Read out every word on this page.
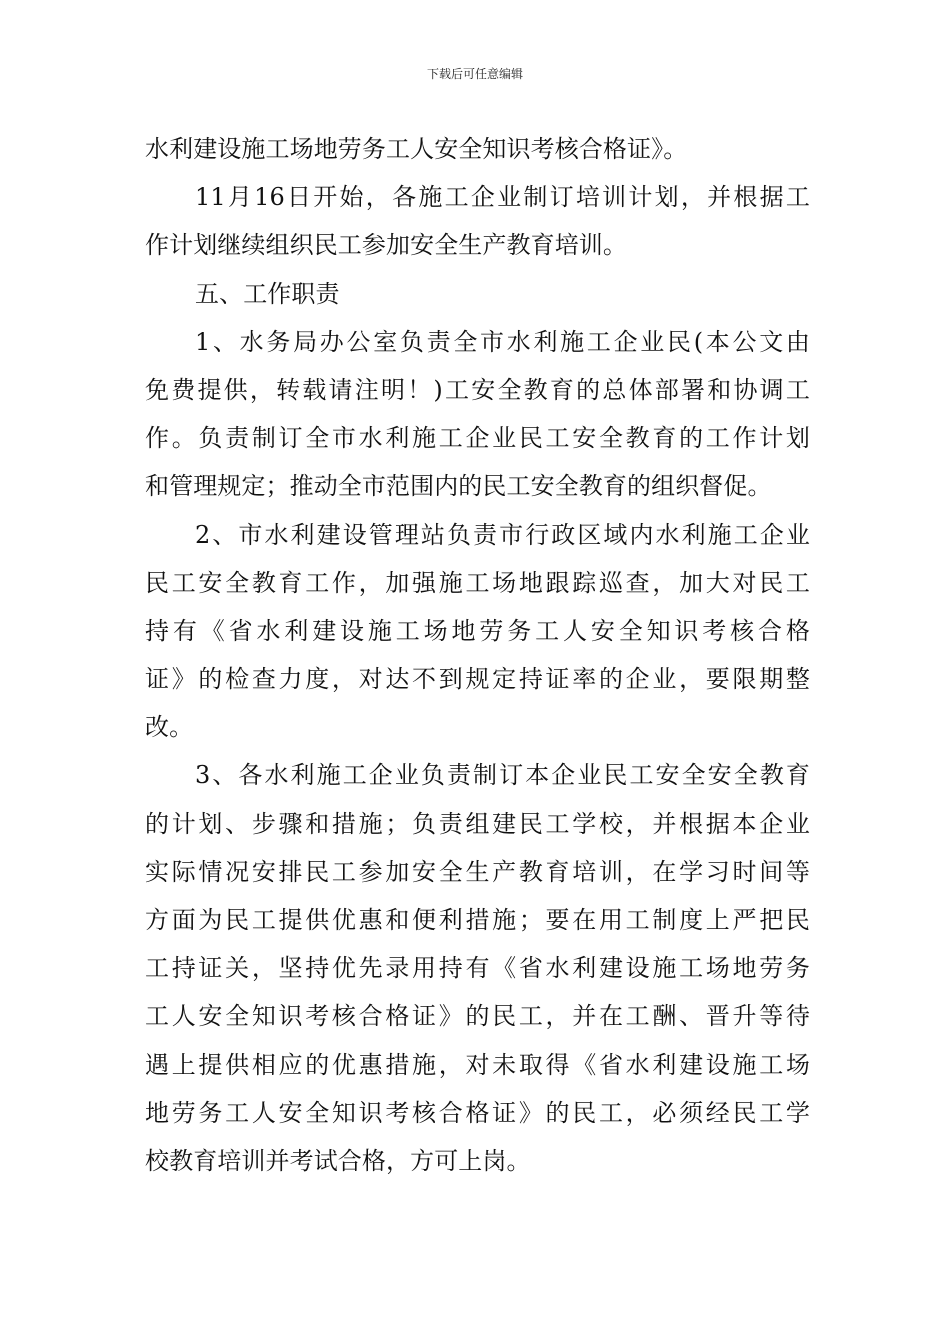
下载后可任意编辑
水利建设施工场地劳务工人安全知识考核合格证》。
11月16日开始，各施工企业制订培训计划，并根据工
作计划继续组织民工参加安全生产教育培训。
五、工作职责
1、水务局办公室负责全市水利施工企业民(本公文由
免费提供，转载请注明！)工安全教育的总体部署和协调工
作。负责制订全市水利施工企业民工安全教育的工作计划
和管理规定；推动全市范围内的民工安全教育的组织督促。
2、市水利建设管理站负责市行政区域内水利施工企业
民工安全教育工作，加强施工场地跟踪巡查，加大对民工
持有《省水利建设施工场地劳务工人安全知识考核合格
证》的检查力度，对达不到规定持证率的企业，要限期整
改。
3、各水利施工企业负责制订本企业民工安全安全教育
的计划、步骤和措施；负责组建民工学校，并根据本企业
实际情况安排民工参加安全生产教育培训，在学习时间等
方面为民工提供优惠和便利措施；要在用工制度上严把民
工持证关，坚持优先录用持有《省水利建设施工场地劳务
工人安全知识考核合格证》的民工，并在工酬、晋升等待
遇上提供相应的优惠措施，对未取得《省水利建设施工场
地劳务工人安全知识考核合格证》的民工，必须经民工学
校教育培训并考试合格，方可上岗。
